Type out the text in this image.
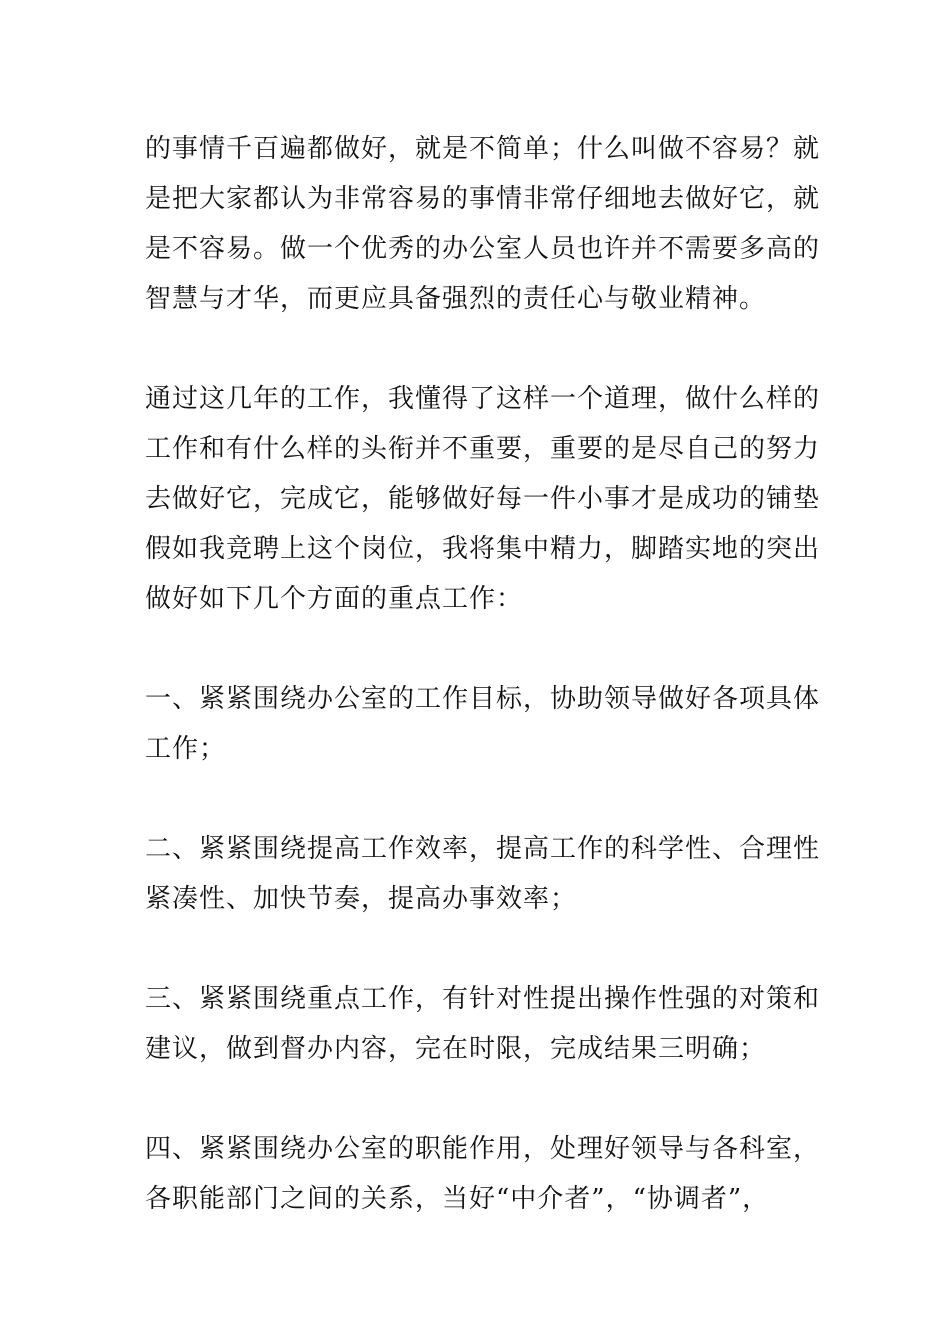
的事情千百遍都做好，就是不简单；什么叫做不容易？就
是把大家都认为非常容易的事情非常仔细地去做好它，就
是不容易。做一个优秀的办公室人员也许并不需要多高的
智慧与才华，而更应具备强烈的责任心与敬业精神。

通过这几年的工作，我懂得了这样一个道理，做什么样的
工作和有什么样的头衔并不重要，重要的是尽自己的努力
去做好它，完成它，能够做好每一件小事才是成功的铺垫
假如我竞聘上这个岗位，我将集中精力，脚踏实地的突出
做好如下几个方面的重点工作：

一、紧紧围绕办公室的工作目标，协助领导做好各项具体
工作；

二、紧紧围绕提高工作效率，提高工作的科学性、合理性
紧凑性、加快节奏，提高办事效率；

三、紧紧围绕重点工作，有针对性提出操作性强的对策和
建议，做到督办内容，完在时限，完成结果三明确；

四、紧紧围绕办公室的职能作用，处理好领导与各科室，
各职能部门之间的关系，当好“中介者”，“协调者”，
